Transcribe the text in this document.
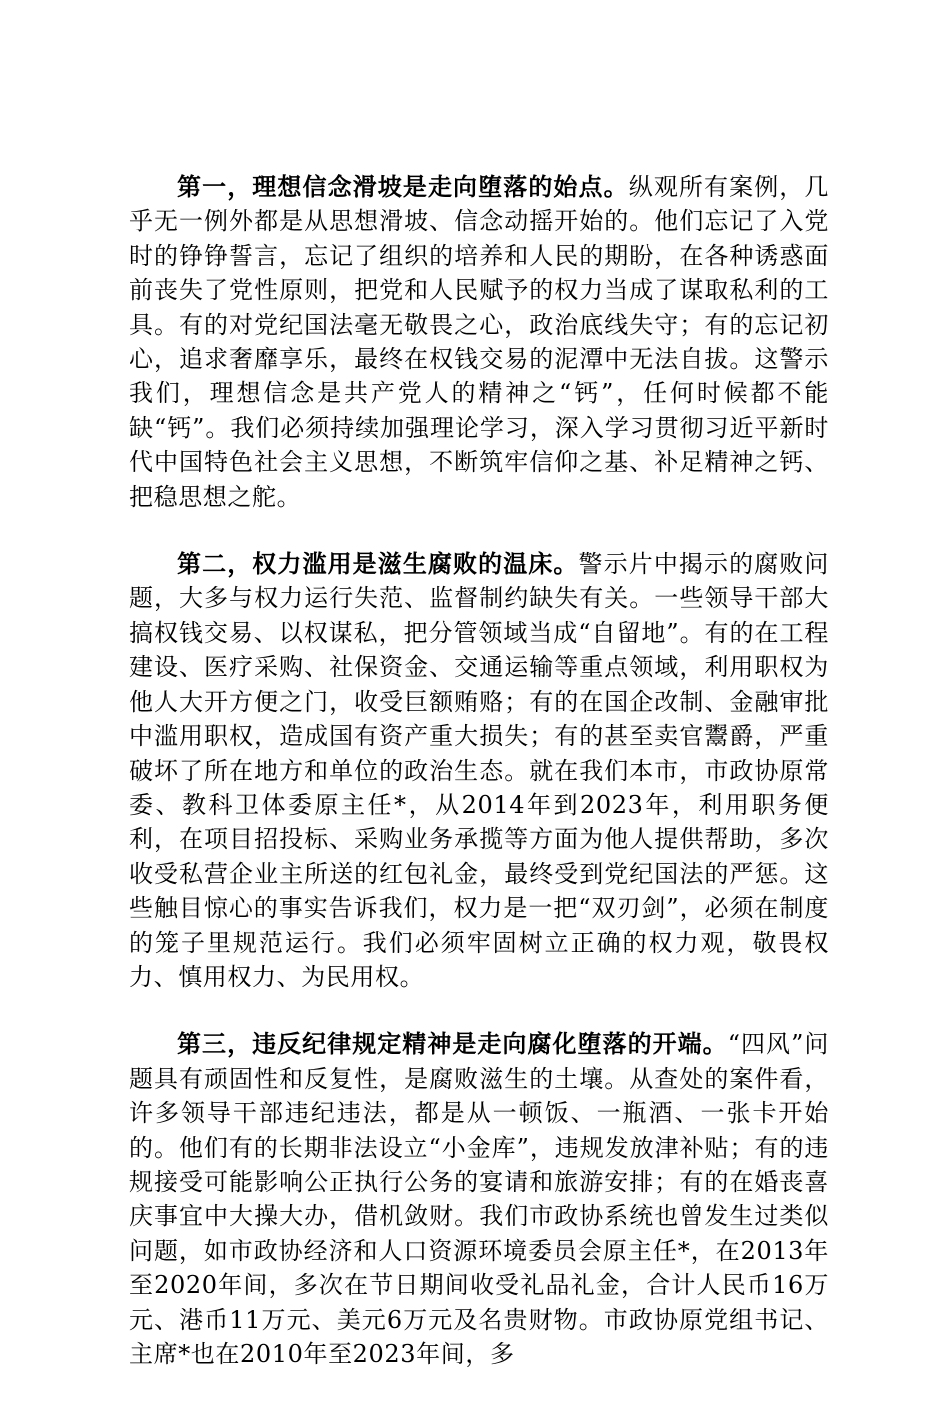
第一，理想信念滑坡是走向堕落的始点。纵观所有案例，几乎无一例外都是从思想滑坡、信念动摇开始的。他们忘记了入党时的铮铮誓言，忘记了组织的培养和人民的期盼，在各种诱惑面前丧失了党性原则，把党和人民赋予的权力当成了谋取私利的工具。有的对党纪国法毫无敬畏之心，政治底线失守；有的忘记初心，追求奢靡享乐，最终在权钱交易的泥潭中无法自拔。这警示我们，理想信念是共产党人的精神之“钙”，任何时候都不能缺“钙”。我们必须持续加强理论学习，深入学习贯彻习近平新时代中国特色社会主义思想，不断筑牢信仰之基、补足精神之钙、把稳思想之舵。

第二，权力滥用是滋生腐败的温床。警示片中揭示的腐败问题，大多与权力运行失范、监督制约缺失有关。一些领导干部大搞权钱交易、以权谋私，把分管领域当成“自留地”。有的在工程建设、医疗采购、社保资金、交通运输等重点领域，利用职权为他人大开方便之门，收受巨额贿赂；有的在国企改制、金融审批中滥用职权，造成国有资产重大损失；有的甚至卖官鬻爵，严重破坏了所在地方和单位的政治生态。就在我们本市，市政协原常委、教科卫体委原主任*，从2014年到2023年，利用职务便利，在项目招投标、采购业务承揽等方面为他人提供帮助，多次收受私营企业主所送的红包礼金，最终受到党纪国法的严惩。这些触目惊心的事实告诉我们，权力是一把“双刃剑”，必须在制度的笼子里规范运行。我们必须牢固树立正确的权力观，敬畏权力、慎用权力、为民用权。

第三，违反纪律规定精神是走向腐化堕落的开端。“四风”问题具有顽固性和反复性，是腐败滋生的土壤。从查处的案件看，许多领导干部违纪违法，都是从一顿饭、一瓶酒、一张卡开始的。他们有的长期非法设立“小金库”，违规发放津补贴；有的违规接受可能影响公正执行公务的宴请和旅游安排；有的在婚丧喜庆事宜中大操大办，借机敛财。我们市政协系统也曾发生过类似问题，如市政协经济和人口资源环境委员会原主任*，在2013年至2020年间，多次在节日期间收受礼品礼金，合计人民币16万元、港币11万元、美元6万元及名贵财物。市政协原党组书记、主席*也在2010年至2023年间，多
